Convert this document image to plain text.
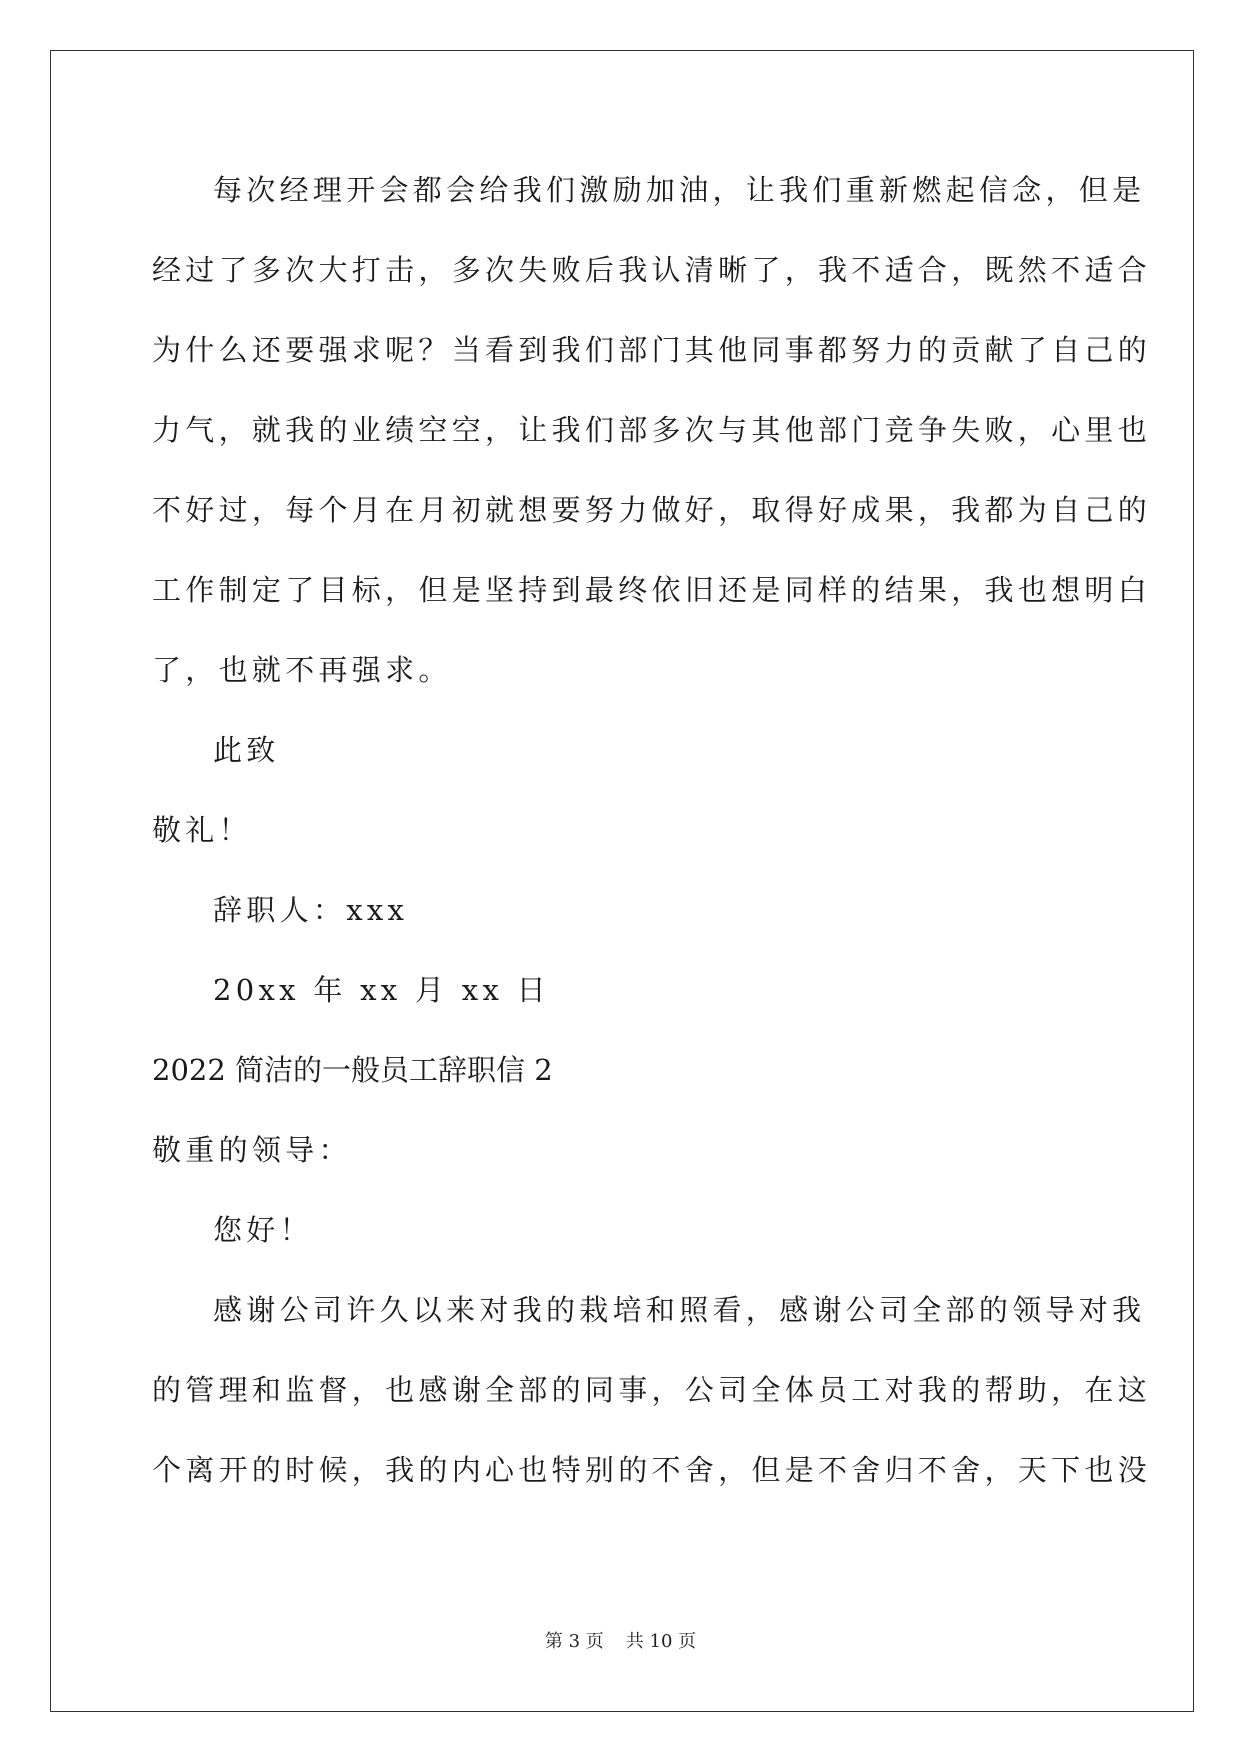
每次经理开会都会给我们激励加油，让我们重新燃起信念，但是
经过了多次大打击，多次失败后我认清晰了，我不适合，既然不适合
为什么还要强求呢？当看到我们部门其他同事都努力的贡献了自己的
力气，就我的业绩空空，让我们部多次与其他部门竞争失败，心里也
不好过，每个月在月初就想要努力做好，取得好成果，我都为自己的
工作制定了目标，但是坚持到最终依旧还是同样的结果，我也想明白
了，也就不再强求。
此致
敬礼！
辞职人：xxx
20xx 年 xx 月 xx 日
2022 简洁的一般员工辞职信 2
敬重的领导：
您好！
感谢公司许久以来对我的栽培和照看，感谢公司全部的领导对我
的管理和监督，也感谢全部的同事，公司全体员工对我的帮助，在这
个离开的时候，我的内心也特别的不舍，但是不舍归不舍，天下也没
第 3 页 共 10 页
